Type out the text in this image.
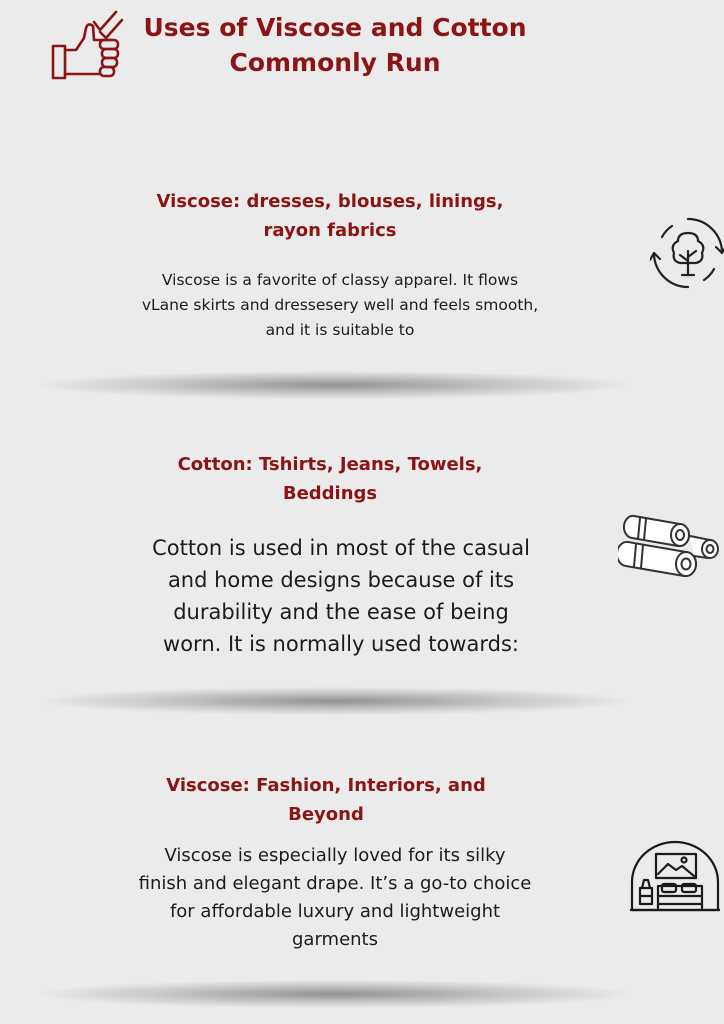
Uses of Viscose and Cotton
Commonly Run
Viscose: dresses, blouses, linings,
rayon fabrics
Viscose is a favorite of classy apparel. It flows
vLane skirts and dressesery well and feels smooth,
and it is suitable to
Cotton: Tshirts, Jeans, Towels,
Beddings
Cotton is used in most of the casual
and home designs because of its
durability and the ease of being
worn. It is normally used towards:
Viscose: Fashion, Interiors, and
Beyond
Viscose is especially loved for its silky
finish and elegant drape. It’s a go-to choice
for affordable luxury and lightweight
garments
